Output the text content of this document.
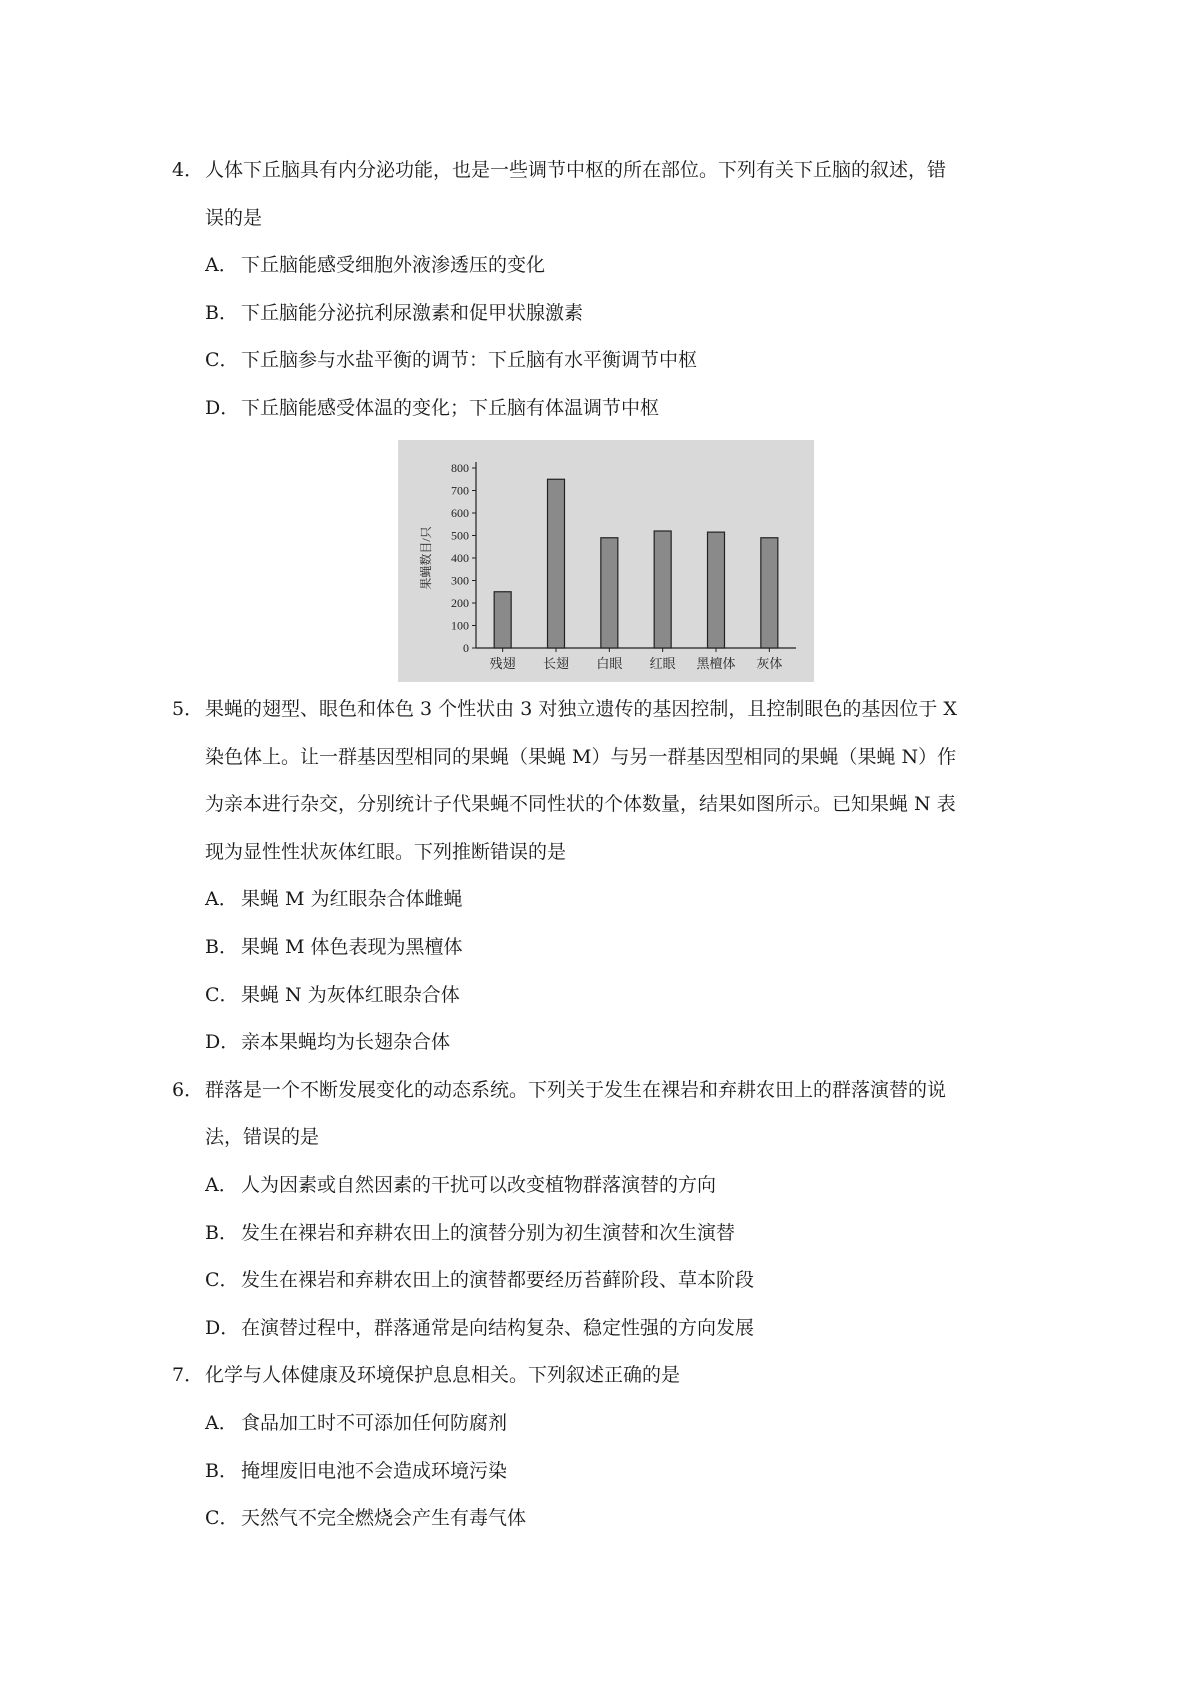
4． 人体下丘脑具有内分泌功能，也是一些调节中枢的所在部位。下列有关下丘脑的叙述，错
误的是
A． 下丘脑能感受细胞外液渗透压的变化
B． 下丘脑能分泌抗利尿激素和促甲状腺激素
C． 下丘脑参与水盐平衡的调节：下丘脑有水平衡调节中枢
D．下丘脑能感受体温的变化；下丘脑有体温调节中枢
0
100
200
300
400
500
600
700
800
果蝇数目/只
残翅 长翅 白眼 红眼 黑檀体 灰体
5． 果蝇的翅型、眼色和体色 3 个性状由 3 对独立遗传的基因控制，且控制眼色的基因位于 X
染色体上。让一群基因型相同的果蝇（果蝇 M）与另一群基因型相同的果蝇（果蝇 N）作
为亲本进行杂交，分别统计子代果蝇不同性状的个体数量，结果如图所示。已知果蝇 N 表
现为显性性状灰体红眼。下列推断错误的是
A． 果蝇 M 为红眼杂合体雌蝇
B． 果蝇 M 体色表现为黑檀体
C． 果蝇 N 为灰体红眼杂合体
D．亲本果蝇均为长翅杂合体
6． 群落是一个不断发展变化的动态系统。下列关于发生在裸岩和弃耕农田上的群落演替的说
法，错误的是
A． 人为因素或自然因素的干扰可以改变植物群落演替的方向
B． 发生在裸岩和弃耕农田上的演替分别为初生演替和次生演替
C． 发生在裸岩和弃耕农田上的演替都要经历苔藓阶段、草本阶段
D．在演替过程中，群落通常是向结构复杂、稳定性强的方向发展
7． 化学与人体健康及环境保护息息相关。下列叙述正确的是
A． 食品加工时不可添加任何防腐剂
B． 掩埋废旧电池不会造成环境污染
C． 天然气不完全燃烧会产生有毒气体
